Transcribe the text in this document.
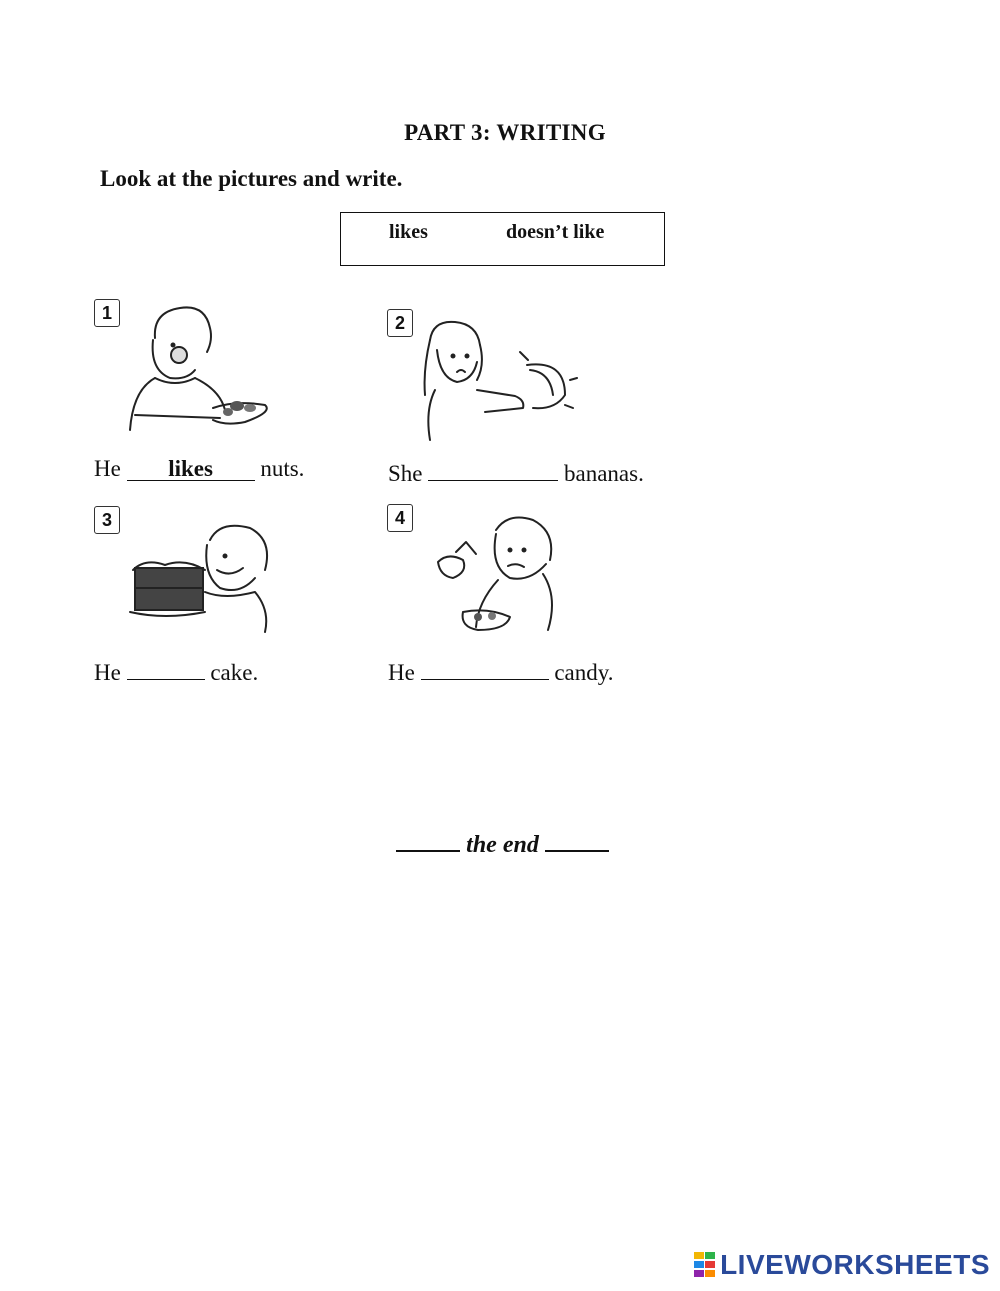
PART 3: WRITING
Look at the pictures and write.
likes	doesn’t like
1
He likes nuts.
2
She	bananas.
3
He	cake.
4
He	candy.
the end
LIVEWORKSHEETS
